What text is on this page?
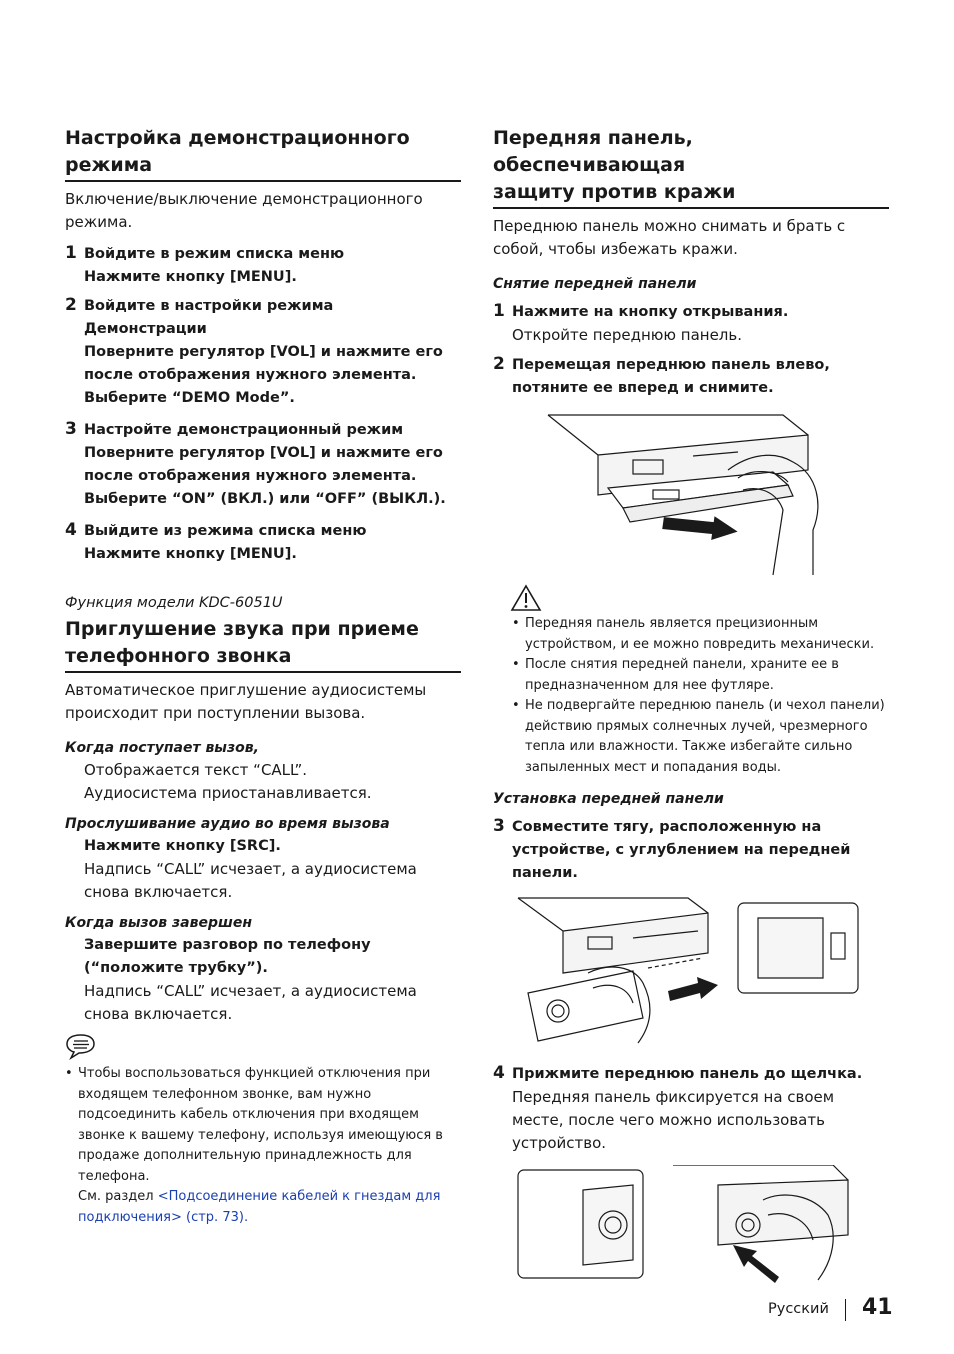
Настройка демонстрационного
режима

Включение/выключение демонстрационного режима.

1 Войдите в режим списка меню
Нажмите кнопку [MENU].
2 Войдите в настройки режима
Демонстрации
Поверните регулятор [VOL] и нажмите его
после отображения нужного элемента.
Выберите “DEMO Mode”.
3 Настройте демонстрационный режим
Поверните регулятор [VOL] и нажмите его
после отображения нужного элемента.
Выберите “ON” (ВКЛ.) или “OFF” (ВЫКЛ.).
4 Выйдите из режима списка меню
Нажмите кнопку [MENU].

Функция модели KDC-6051U

Приглушение звука при приеме
телефонного звонка

Автоматическое приглушение аудиосистемы происходит при поступлении вызова.

Когда поступает вызов,
Отображается текст “CALL”.
Аудиосистема приостанавливается.
Прослушивание аудио во время вызова
Нажмите кнопку [SRC].
Надпись “CALL” исчезает, а аудиосистема снова включается.
Когда вызов завершен
Завершите разговор по телефону (“положите трубку”).
Надпись “CALL” исчезает, а аудиосистема снова включается.
• Чтобы воспользоваться функцией отключения при входящем телефонном звонке, вам нужно подсоединить кабель отключения при входящем звонке к вашему телефону, используя имеющуюся в продаже дополнительную принадлежность для телефона.
См. раздел <Подсоединение кабелей к гнездам для подключения> (стр. 73).
Передняя панель, обеспечивающая
защиту против кражи

Переднюю панель можно снимать и брать с собой, чтобы избежать кражи.

Снятие передней панели
1 Нажмите на кнопку открывания.
Откройте переднюю панель.
2 Перемещая переднюю панель влево, потяните ее вперед и снимите.
• Передняя панель является прецизионным устройством, и ее можно повредить механически.
• После снятия передней панели, храните ее в предназначенном для нее футляре.
• Не подвергайте переднюю панель (и чехол панели) действию прямых солнечных лучей, чрезмерного тепла или влажности. Также избегайте сильно запыленных мест и попадания воды.
Установка передней панели
3 Совместите тягу, расположенную на устройстве, с углублением на передней панели.
4 Прижмите переднюю панель до щелчка.
Передняя панель фиксируется на своем месте, после чего можно использовать устройство.
Русский 41
